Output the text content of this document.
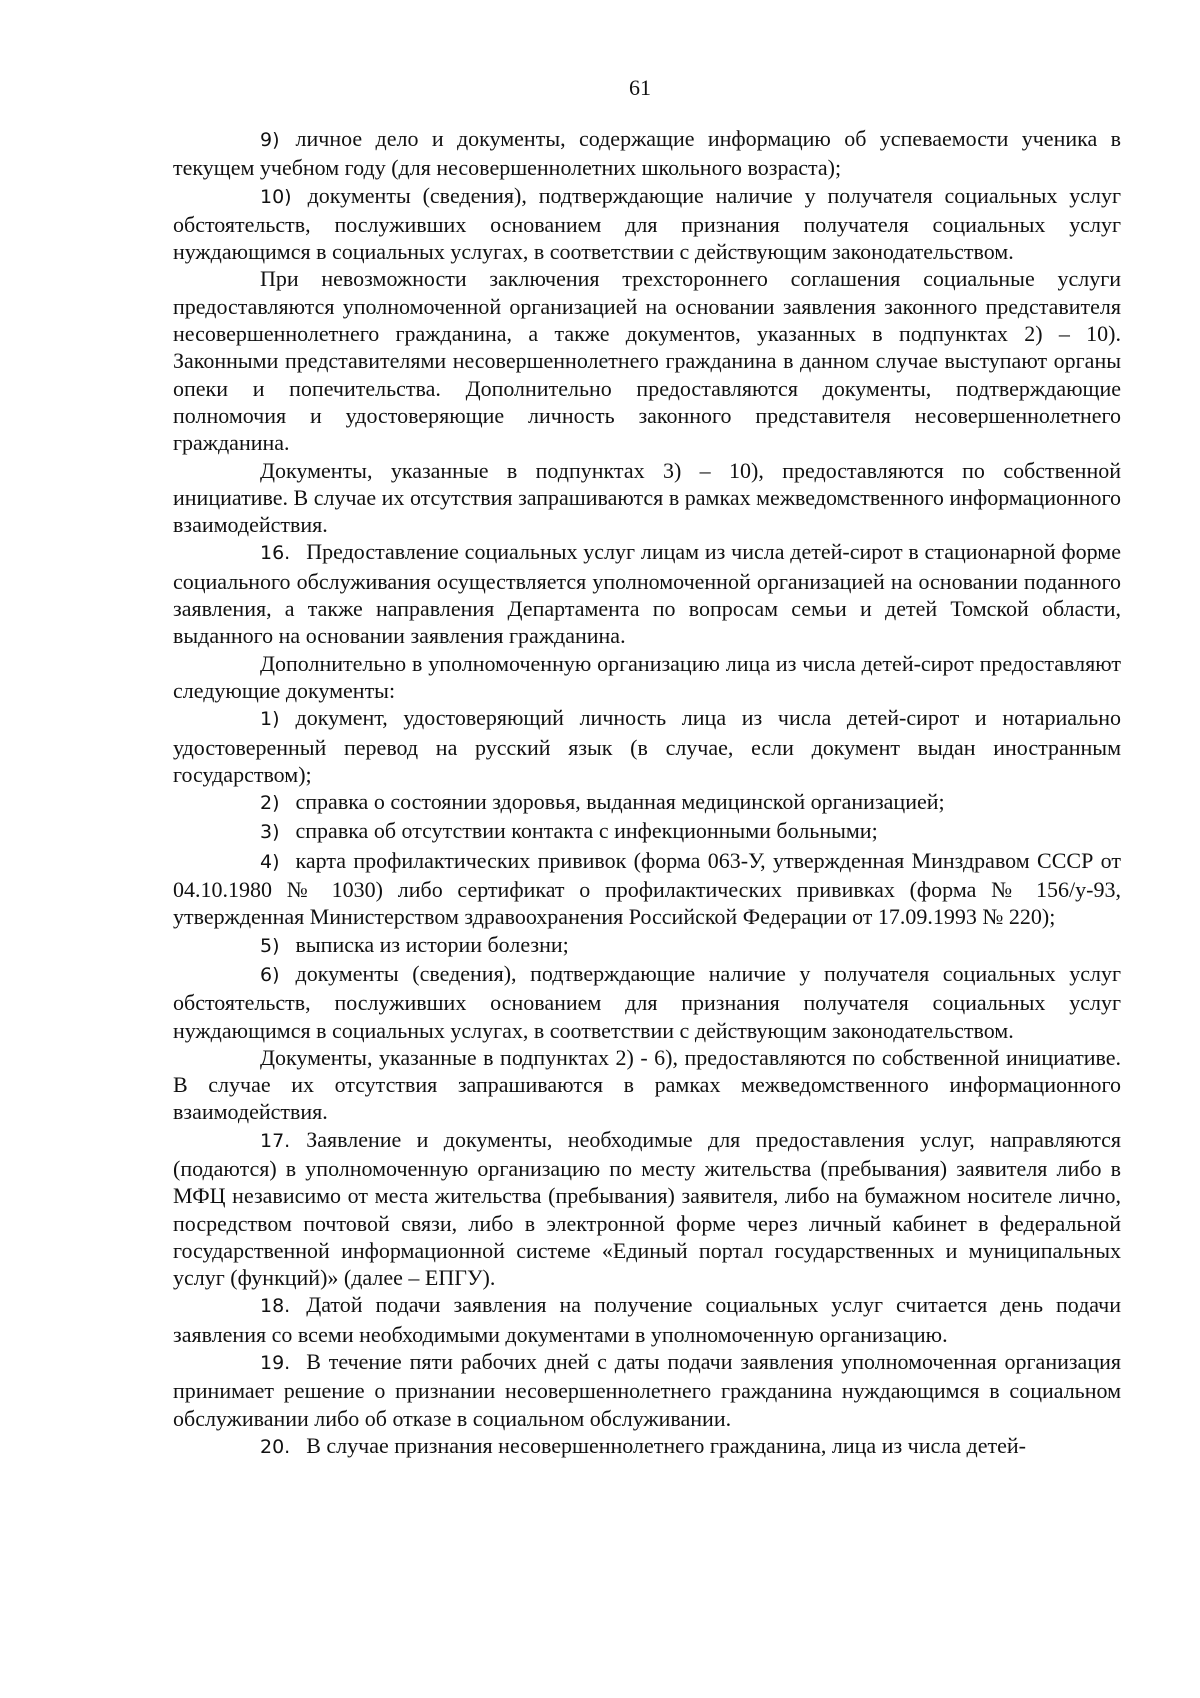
61

9) личное дело и документы, содержащие информацию об успеваемости ученика в текущем учебном году (для несовершеннолетних школьного возраста);

10) документы (сведения), подтверждающие наличие у получателя социальных услуг обстоятельств, послуживших основанием для признания получателя социальных услуг нуждающимся в социальных услугах, в соответствии с действующим законодательством.

При невозможности заключения трехстороннего соглашения социальные услуги предоставляются уполномоченной организацией на основании заявления законного представителя несовершеннолетнего гражданина, а также документов, указанных в подпунктах 2) – 10). Законными представителями несовершеннолетнего гражданина в данном случае выступают органы опеки и попечительства. Дополнительно предоставляются документы, подтверждающие полномочия и удостоверяющие личность законного представителя несовершеннолетнего гражданина.

Документы, указанные в подпунктах 3) – 10), предоставляются по собственной инициативе. В случае их отсутствия запрашиваются в рамках межведомственного информационного взаимодействия.

16. Предоставление социальных услуг лицам из числа детей-сирот в стационарной форме социального обслуживания осуществляется уполномоченной организацией на основании поданного заявления, а также направления Департамента по вопросам семьи и детей Томской области, выданного на основании заявления гражданина.

Дополнительно в уполномоченную организацию лица из числа детей-сирот предоставляют следующие документы:

1) документ, удостоверяющий личность лица из числа детей-сирот и нотариально удостоверенный перевод на русский язык (в случае, если документ выдан иностранным государством);

2) справка о состоянии здоровья, выданная медицинской организацией;

3) справка об отсутствии контакта с инфекционными больными;

4) карта профилактических прививок (форма 063-У, утвержденная Минздравом СССР от 04.10.1980 № 1030) либо сертификат о профилактических прививках (форма № 156/у-93, утвержденная Министерством здравоохранения Российской Федерации от 17.09.1993 № 220);

5) выписка из истории болезни;

6) документы (сведения), подтверждающие наличие у получателя социальных услуг обстоятельств, послуживших основанием для признания получателя социальных услуг нуждающимся в социальных услугах, в соответствии с действующим законодательством.

Документы, указанные в подпунктах 2) - 6), предоставляются по собственной инициативе. В случае их отсутствия запрашиваются в рамках межведомственного информационного взаимодействия.

17. Заявление и документы, необходимые для предоставления услуг, направляются (подаются) в уполномоченную организацию по месту жительства (пребывания) заявителя либо в МФЦ независимо от места жительства (пребывания) заявителя, либо на бумажном носителе лично, посредством почтовой связи, либо в электронной форме через личный кабинет в федеральной государственной информационной системе «Единый портал государственных и муниципальных услуг (функций)» (далее – ЕПГУ).

18. Датой подачи заявления на получение социальных услуг считается день подачи заявления со всеми необходимыми документами в уполномоченную организацию.

19. В течение пяти рабочих дней с даты подачи заявления уполномоченная организация принимает решение о признании несовершеннолетнего гражданина нуждающимся в социальном обслуживании либо об отказе в социальном обслуживании.

20. В случае признания несовершеннолетнего гражданина, лица из числа детей-
